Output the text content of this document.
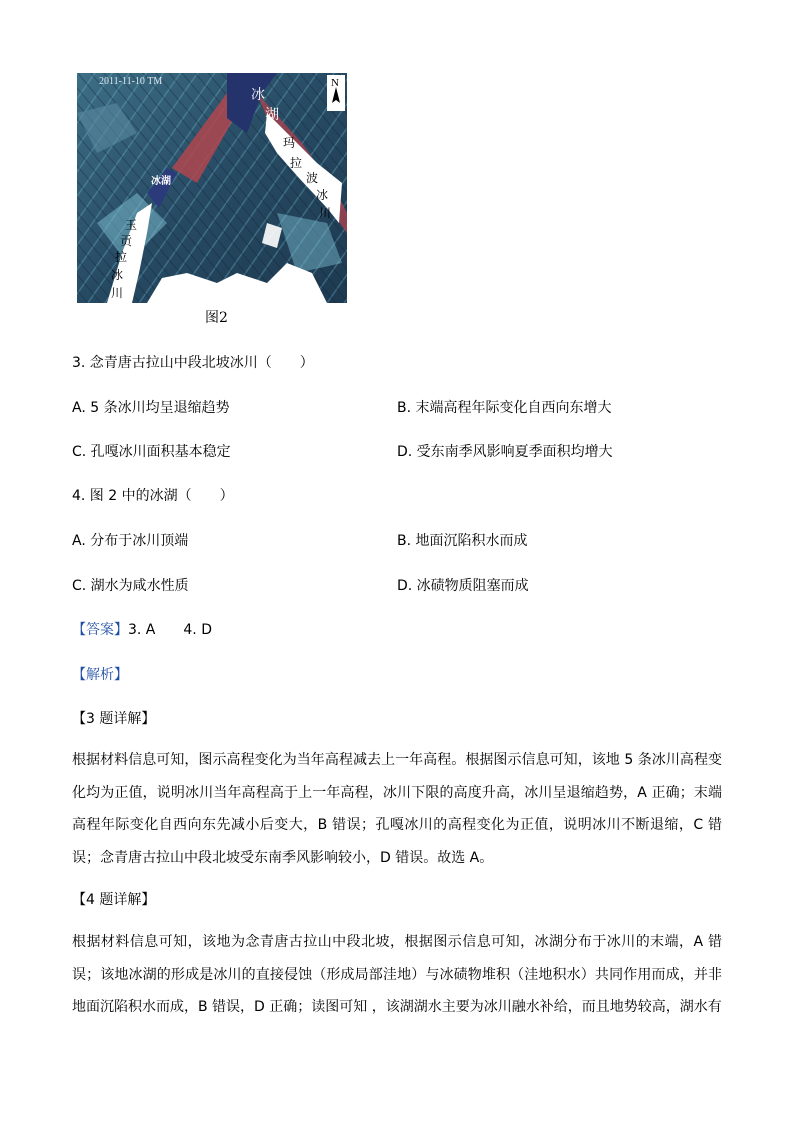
2011-11-10 TM	N
冰
湖
玛
拉
波
冰
川
冰湖
玉
贡
拉
冰
川
图2
3. 念青唐古拉山中段北坡冰川（　　）
A. 5 条冰川均呈退缩趋势	B. 末端高程年际变化自西向东增大
C. 孔嘎冰川面积基本稳定	D. 受东南季风影响夏季面积均增大
4. 图 2 中的冰湖（　　）
A. 分布于冰川顶端	B. 地面沉陷积水而成
C. 湖水为咸水性质	D. 冰碛物质阻塞而成
【答案】3. A　　4. D
【解析】
【3 题详解】
根据材料信息可知，图示高程变化为当年高程减去上一年高程。根据图示信息可知，该地 5 条冰川高程变化均为正值，说明冰川当年高程高于上一年高程，冰川下限的高度升高，冰川呈退缩趋势，A 正确；末端高程年际变化自西向东先减小后变大，B 错误；孔嘎冰川的高程变化为正值，说明冰川不断退缩，C 错误；念青唐古拉山中段北坡受东南季风影响较小，D 错误。故选 A。
【4 题详解】
根据材料信息可知，该地为念青唐古拉山中段北坡，根据图示信息可知，冰湖分布于冰川的末端，A 错误；该地冰湖的形成是冰川的直接侵蚀（形成局部洼地）与冰碛物堆积（洼地积水）共同作用而成，并非地面沉陷积水而成，B 错误，D 正确；读图可知 ，该湖湖水主要为冰川融水补给，而且地势较高，湖水有
